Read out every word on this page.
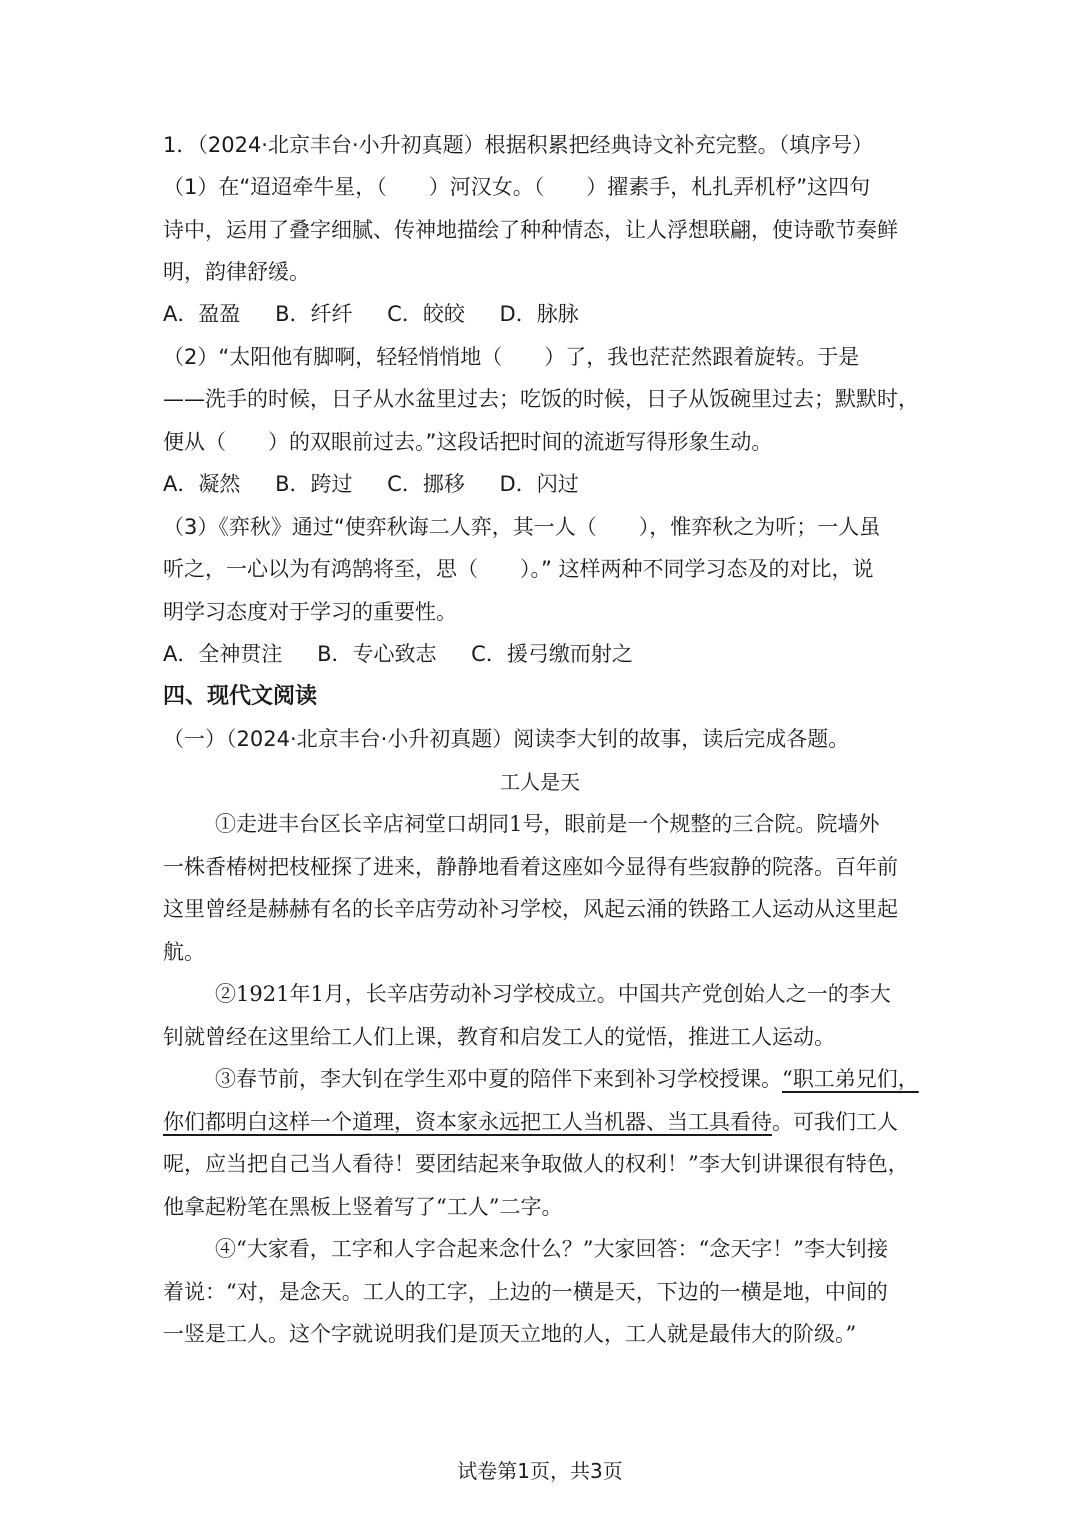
1．（2024·北京丰台·小升初真题）根据积累把经典诗文补充完整。（填序号）
（1）在“迢迢牵牛星，（　　）河汉女。（　　）擢素手，札扎弄机杼”这四句
诗中，运用了叠字细腻、传神地描绘了种种情态，让人浮想联翩，使诗歌节奏鲜
明，韵律舒缓。
A．盈盈 B．纤纤 C．皎皎 D．脉脉
（2）“太阳他有脚啊，轻轻悄悄地（　　）了，我也茫茫然跟着旋转。于是
——洗手的时候，日子从水盆里过去；吃饭的时候，日子从饭碗里过去；默默时，
便从（　　）的双眼前过去。”这段话把时间的流逝写得形象生动。
A．凝然 B．跨过 C．挪移 D．闪过
（3）《弈秋》通过“使弈秋诲二人弈，其一人（　　），惟弈秋之为听；一人虽
听之，一心以为有鸿鹄将至，思（　　）。” 这样两种不同学习态及的对比，说
明学习态度对于学习的重要性。
A．全神贯注 B．专心致志 C．援弓缴而射之
四、现代文阅读
（一）（2024·北京丰台·小升初真题）阅读李大钊的故事，读后完成各题。
工人是天
①走进丰台区长辛店祠堂口胡同1号，眼前是一个规整的三合院。院墙外
一株香椿树把枝桠探了进来，静静地看着这座如今显得有些寂静的院落。百年前
这里曾经是赫赫有名的长辛店劳动补习学校，风起云涌的铁路工人运动从这里起
航。
②1921年1月，长辛店劳动补习学校成立。中国共产党创始人之一的李大
钊就曾经在这里给工人们上课，教育和启发工人的觉悟，推进工人运动。
③春节前，李大钊在学生邓中夏的陪伴下来到补习学校授课。“职工弟兄们，
你们都明白这样一个道理，资本家永远把工人当机器、当工具看待。可我们工人
呢，应当把自己当人看待！要团结起来争取做人的权利！”李大钊讲课很有特色，
他拿起粉笔在黑板上竖着写了“工人”二字。
④“大家看，工字和人字合起来念什么？”大家回答：“念天字！”李大钊接
着说：“对，是念天。工人的工字，上边的一横是天，下边的一横是地，中间的
一竖是工人。这个字就说明我们是顶天立地的人，工人就是最伟大的阶级。”
试卷第1页，共3页
